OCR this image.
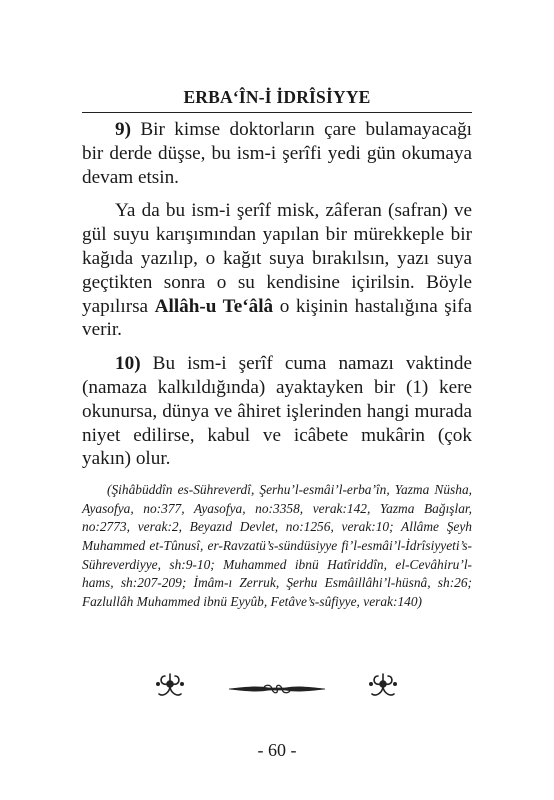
ERBA‘ÎN-İ İDRÎSİYYE

9) Bir kimse doktorların çare bulamayacağı bir derde düşse, bu ism-i şerîfi yedi gün okumaya devam etsin.

Ya da bu ism-i şerîf misk, zâferan (safran) ve gül suyu karışımından yapılan bir mürekkeple bir kağıda yazılıp, o kağıt suya bırakılsın, yazı suya geçtikten sonra o su kendisine içirilsin. Böyle yapılırsa Allâh-u Te‘âlâ o kişinin hastalığına şifa verir.

10) Bu ism-i şerîf cuma namazı vaktinde (namaza kalkıldığında) ayaktayken bir (1) kere okunursa, dünya ve âhiret işlerinden hangi murada niyet edilirse, kabul ve icâbete mukârin (çok yakın) olur.

(Şihâbüddîn es-Sühreverdî, Şerhu’l-esmâi’l-erba’în, Yazma Nüsha, Ayasofya, no:377, Ayasofya, no:3358, verak:142, Yazma Bağışlar, no:2773, verak:2, Beyazıd Devlet, no:1256, verak:10; Allâme Şeyh Muhammed et-Tûnusî, er-Ravzatü’s-sündüsiyye fi’l-esmâi’l-İdrîsiyyeti’s-Sühreverdiyye, sh:9-10; Muhammed ibnü Hatîriddîn, el-Cevâhiru’l-hams, sh:207-209; İmâm-ı Zerruk, Şerhu Esmâillâhi’l-hüsnâ, sh:26; Fazlullâh Muhammed ibnü Eyyûb, Fetâve’s-sûfiyye, verak:140)

- 60 -
